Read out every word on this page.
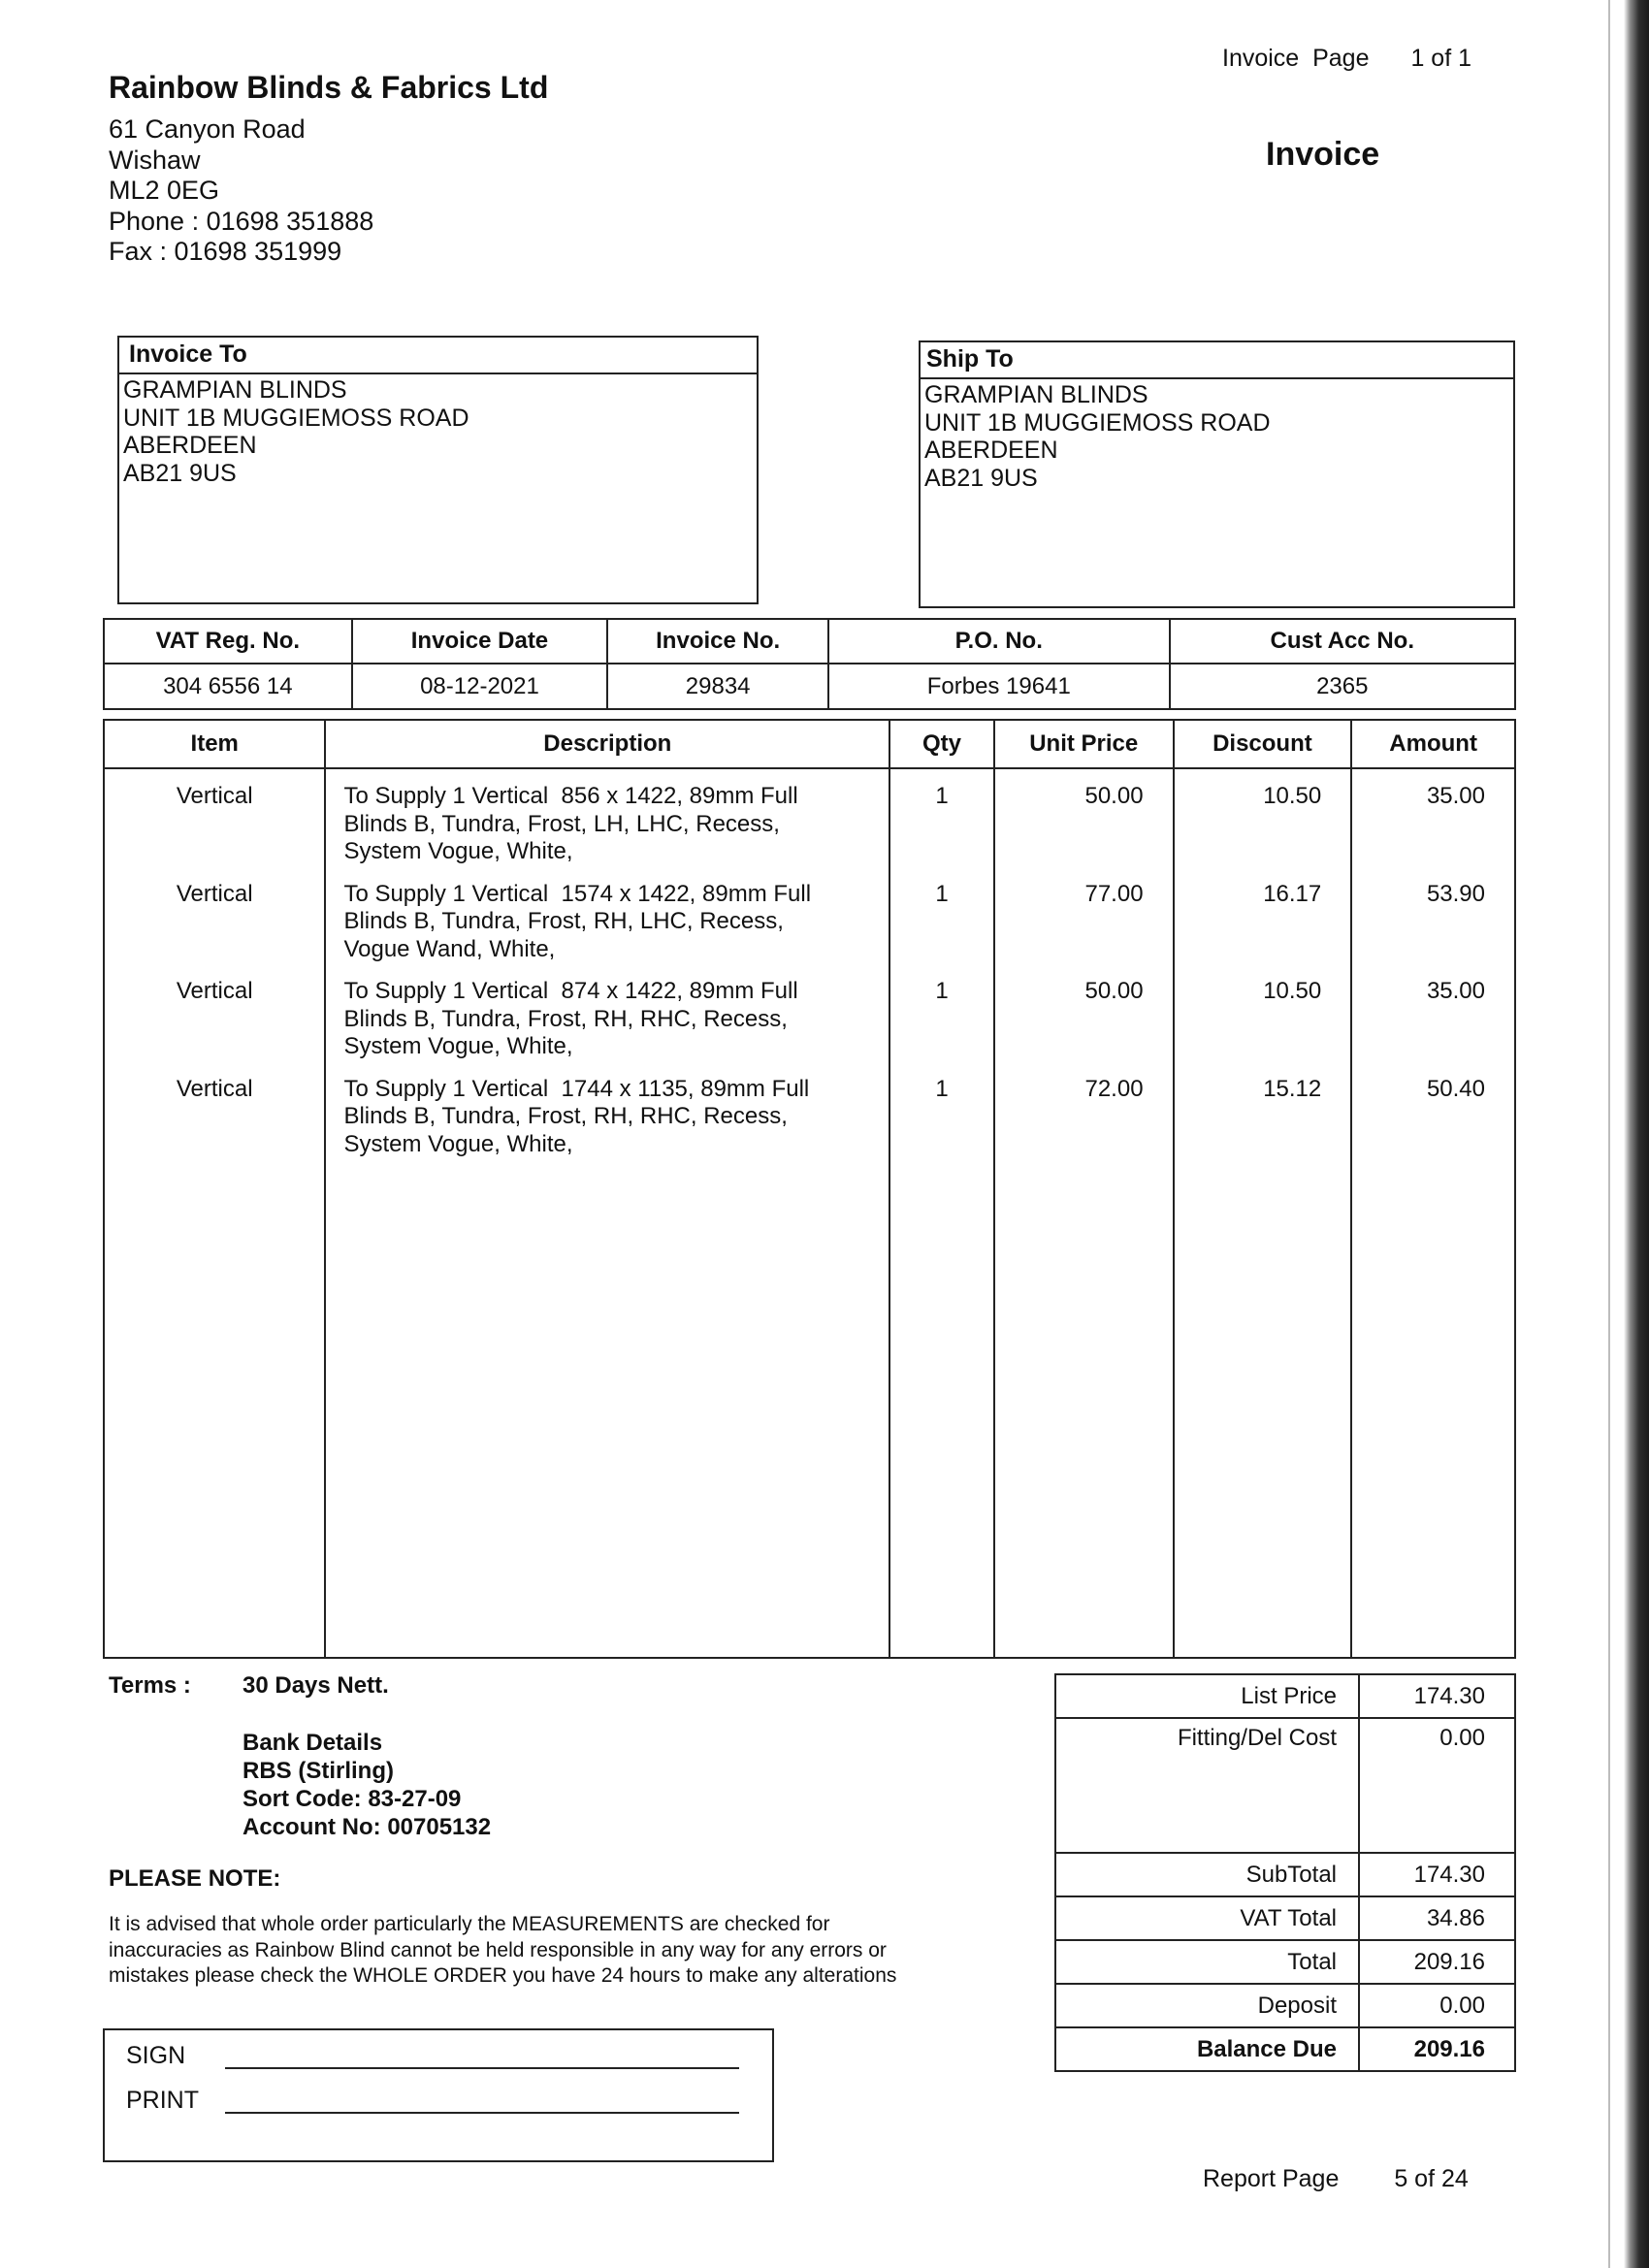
Rainbow Blinds & Fabrics Ltd
61 Canyon Road
Wishaw
ML2 0EG
Phone : 01698 351888
Fax : 01698 351999
Invoice  Page 1 of 1
Invoice
Invoice To
GRAMPIAN BLINDS
UNIT 1B MUGGIEMOSS ROAD
ABERDEEN
AB21 9US
Ship To
GRAMPIAN BLINDS
UNIT 1B MUGGIEMOSS ROAD
ABERDEEN
AB21 9US
VAT Reg. No.	Invoice Date	Invoice No.	P.O. No.	Cust Acc No.
304 6556 14	08-12-2021	29834	Forbes 19641	2365
Item	Description	Qty	Unit Price	Discount	Amount
Vertical	To Supply 1 Vertical  856 x 1422, 89mm Full
Blinds B, Tundra, Frost, LH, LHC, Recess,
System Vogue, White,	1	50.00	10.50	35.00
Vertical	To Supply 1 Vertical  1574 x 1422, 89mm Full
Blinds B, Tundra, Frost, RH, LHC, Recess,
Vogue Wand, White,	1	77.00	16.17	53.90
Vertical	To Supply 1 Vertical  874 x 1422, 89mm Full
Blinds B, Tundra, Frost, RH, RHC, Recess,
System Vogue, White,	1	50.00	10.50	35.00
Vertical	To Supply 1 Vertical  1744 x 1135, 89mm Full
Blinds B, Tundra, Frost, RH, RHC, Recess,
System Vogue, White,	1	72.00	15.12	50.40

Terms : 30 Days Nett.
Bank Details
RBS (Stirling)
Sort Code: 83-27-09
Account No: 00705132
PLEASE NOTE:
It is advised that whole order particularly the MEASUREMENTS are checked for
inaccuracies as Rainbow Blind cannot be held responsible in any way for any errors or
mistakes please check the WHOLE ORDER you have 24 hours to make any alterations
List Price	174.30
Fitting/Del Cost	0.00
SubTotal	174.30
VAT Total	34.86
Total	209.16
Deposit	0.00
Balance Due	209.16
SIGN
PRINT
Report Page 5 of 24
